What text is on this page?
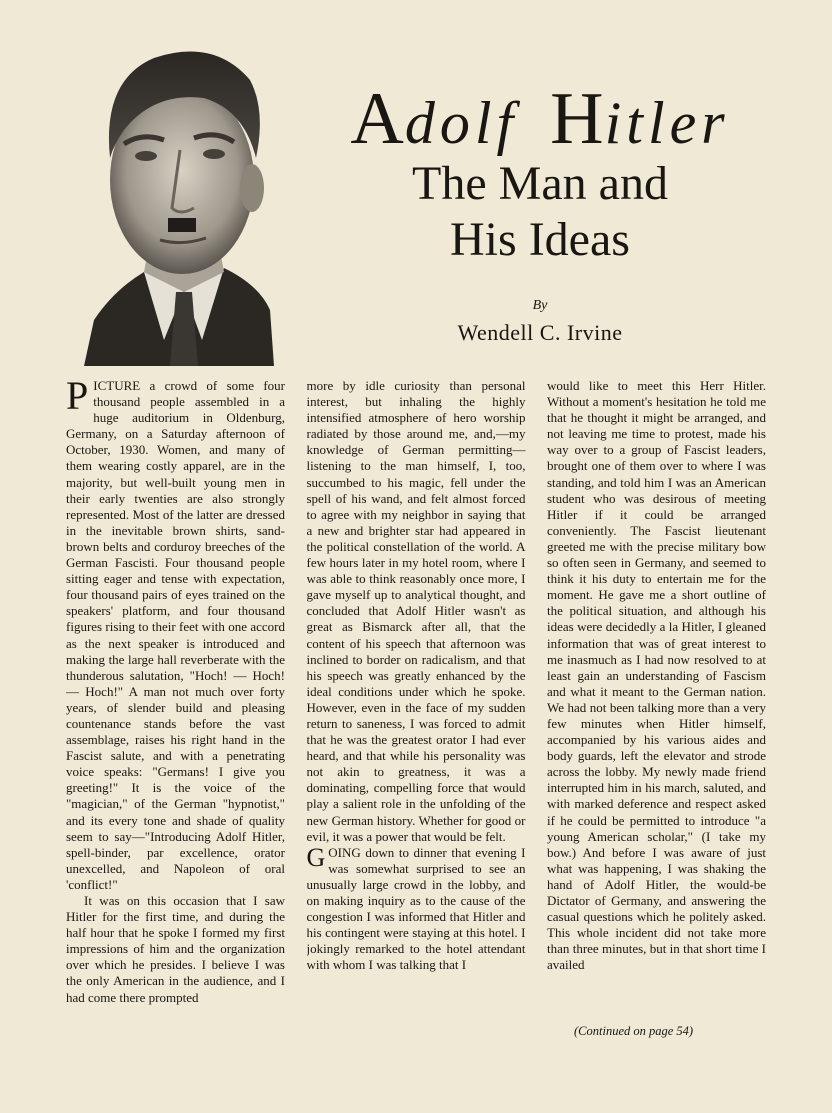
Adolf Hitler
The Man and
His Ideas
By
Wendell C. Irvine

PICTURE a crowd of some four thousand people assembled in a huge auditorium in Oldenburg, Germany, on a Saturday afternoon of October, 1930. Women, and many of them wearing costly apparel, are in the majority, but well-built young men in their early twenties are also strongly represented. Most of the latter are dressed in the inevitable brown shirts, sand-brown belts and corduroy breeches of the German Fascisti. Four thousand people sitting eager and tense with expectation, four thousand pairs of eyes trained on the speakers' platform, and four thousand figures rising to their feet with one accord as the next speaker is introduced and making the large hall reverberate with the thunderous salutation, "Hoch! — Hoch! — Hoch!" A man not much over forty years, of slender build and pleasing countenance stands before the vast assemblage, raises his right hand in the Fascist salute, and with a penetrating voice speaks: "Germans! I give you greeting!" It is the voice of the "magician," of the German "hypnotist," and its every tone and shade of quality seem to say—"Introducing Adolf Hitler, spell-binder, par excellence, orator unexcelled, and Napoleon of oral 'conflict!"

It was on this occasion that I saw Hitler for the first time, and during the half hour that he spoke I formed my first impressions of him and the organization over which he presides. I believe I was the only American in the audience, and I had come there prompted

more by idle curiosity than personal interest, but inhaling the highly intensified atmosphere of hero worship radiated by those around me, and,—my knowledge of German permitting—listening to the man himself, I, too, succumbed to his magic, fell under the spell of his wand, and felt almost forced to agree with my neighbor in saying that a new and brighter star had appeared in the political constellation of the world. A few hours later in my hotel room, where I was able to think reasonably once more, I gave myself up to analytical thought, and concluded that Adolf Hitler wasn't as great as Bismarck after all, that the content of his speech that afternoon was inclined to border on radicalism, and that his speech was greatly enhanced by the ideal conditions under which he spoke. However, even in the face of my sudden return to saneness, I was forced to admit that he was the greatest orator I had ever heard, and that while his personality was not akin to greatness, it was a dominating, compelling force that would play a salient role in the unfolding of the new German history. Whether for good or evil, it was a power that would be felt.

GOING down to dinner that evening I was somewhat surprised to see an unusually large crowd in the lobby, and on making inquiry as to the cause of the congestion I was informed that Hitler and his contingent were staying at this hotel. I jokingly remarked to the hotel attendant with whom I was talking that I

would like to meet this Herr Hitler. Without a moment's hesitation he told me that he thought it might be arranged, and not leaving me time to protest, made his way over to a group of Fascist leaders, brought one of them over to where I was standing, and told him I was an American student who was desirous of meeting Hitler if it could be arranged conveniently. The Fascist lieutenant greeted me with the precise military bow so often seen in Germany, and seemed to think it his duty to entertain me for the moment. He gave me a short outline of the political situation, and although his ideas were decidedly a la Hitler, I gleaned information that was of great interest to me inasmuch as I had now resolved to at least gain an understanding of Fascism and what it meant to the German nation. We had not been talking more than a very few minutes when Hitler himself, accompanied by his various aides and body guards, left the elevator and strode across the lobby. My newly made friend interrupted him in his march, saluted, and with marked deference and respect asked if he could be permitted to introduce "a young American scholar," (I take my bow.) And before I was aware of just what was happening, I was shaking the hand of Adolf Hitler, the would-be Dictator of Germany, and answering the casual questions which he politely asked. This whole incident did not take more than three minutes, but in that short time I availed

(Continued on page 54)
